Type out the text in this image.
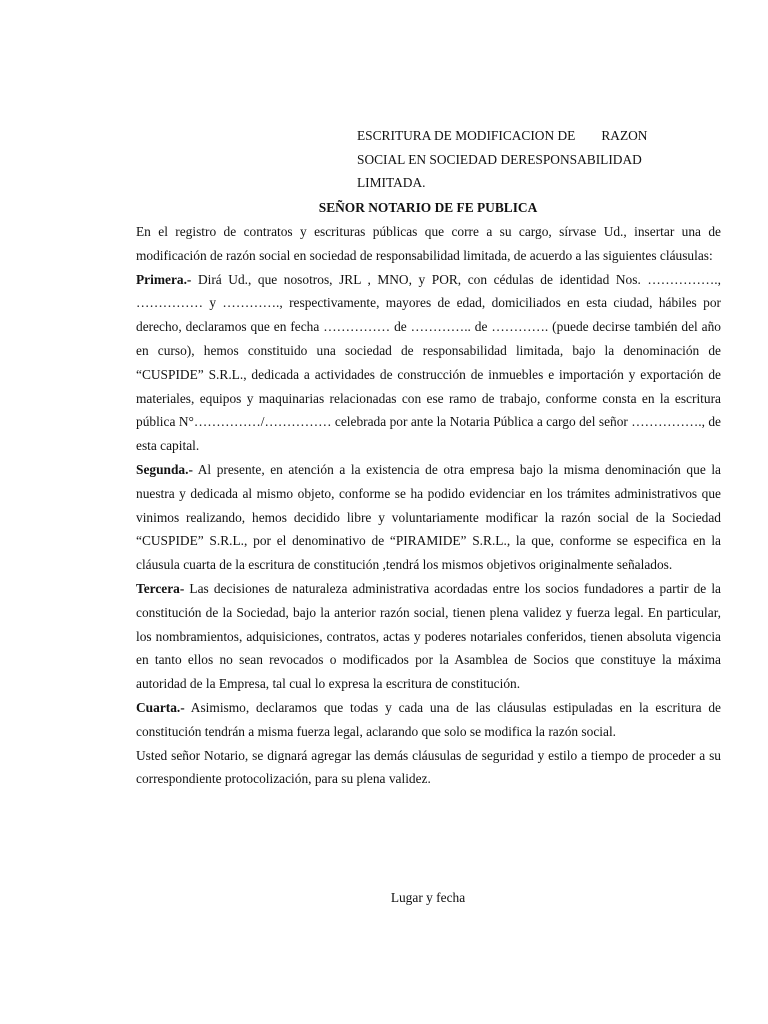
ESCRITURA DE MODIFICACION DE RAZON
SOCIAL EN SOCIEDAD DERESPONSABILIDAD
LIMITADA.
SEÑOR NOTARIO DE FE PUBLICA

En el registro de contratos y escrituras públicas que corre a su cargo, sírvase Ud., insertar una de modificación de razón social en sociedad de responsabilidad limitada, de acuerdo a las siguientes cláusulas:

Primera.- Dirá Ud., que nosotros, JRL , MNO, y POR, con cédulas de identidad Nos. ……………., …………… y …………., respectivamente, mayores de edad, domiciliados en esta ciudad, hábiles por derecho, declaramos que en fecha …………… de ………….. de …………. (puede decirse también del año en curso), hemos constituido una sociedad de responsabilidad limitada, bajo la denominación de “CUSPIDE” S.R.L., dedicada a actividades de construcción de inmuebles e importación y exportación de materiales, equipos y maquinarias relacionadas con ese ramo de trabajo, conforme consta en la escritura pública N°……………/…………… celebrada por ante la Notaria Pública a cargo del señor ……………., de esta capital.

Segunda.- Al presente, en atención a la existencia de otra empresa bajo la misma denominación que la nuestra y dedicada al mismo objeto, conforme se ha podido evidenciar en los trámites administrativos que vinimos realizando, hemos decidido libre y voluntariamente modificar la razón social de la Sociedad “CUSPIDE” S.R.L., por el denominativo de “PIRAMIDE” S.R.L., la que, conforme se especifica en la cláusula cuarta de la escritura de constitución ,tendrá los mismos objetivos originalmente señalados.

Tercera- Las decisiones de naturaleza administrativa acordadas entre los socios fundadores a partir de la constitución de la Sociedad, bajo la anterior razón social, tienen plena validez y fuerza legal. En particular, los nombramientos, adquisiciones, contratos, actas y poderes notariales conferidos, tienen absoluta vigencia en tanto ellos no sean revocados o modificados por la Asamblea de Socios que constituye la máxima autoridad de la Empresa, tal cual lo expresa la escritura de constitución.

Cuarta.- Asimismo, declaramos que todas y cada una de las cláusulas estipuladas en la escritura de constitución tendrán a misma fuerza legal, aclarando que solo se modifica la razón social.

Usted señor Notario, se dignará agregar las demás cláusulas de seguridad y estilo a tiempo de proceder a su correspondiente protocolización, para su plena validez.

Lugar y fecha
